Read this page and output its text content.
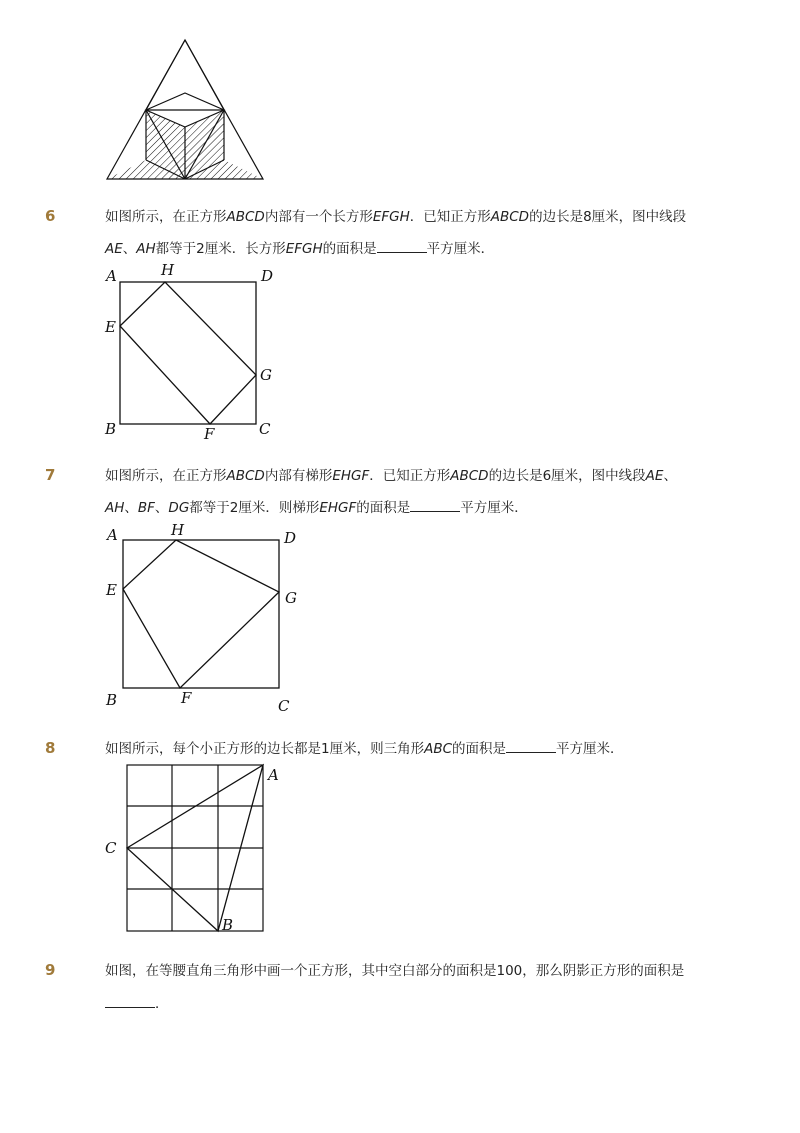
6	如图所示，在正方形ABCD内部有一个长方形EFGH．已知正方形ABCD的边长是8厘米，图中线段
AE、AH都等于2厘米．长方形EFGH的面积是	平方厘米．
A	H	D
E
G
B	F	C
7	如图所示，在正方形ABCD内部有梯形EHGF．已知正方形ABCD的边长是6厘米，图中线段AE、
AH、BF、DG都等于2厘米．则梯形EHGF的面积是	平方厘米．
A	H	D
E	G
B	F	C
8	如图所示，每个小正方形的边长都是1厘米，则三角形ABC的面积是	平方厘米．
A
C
B
9	如图，在等腰直角三角形中画一个正方形，其中空白部分的面积是100，那么阴影正方形的面积是
．
